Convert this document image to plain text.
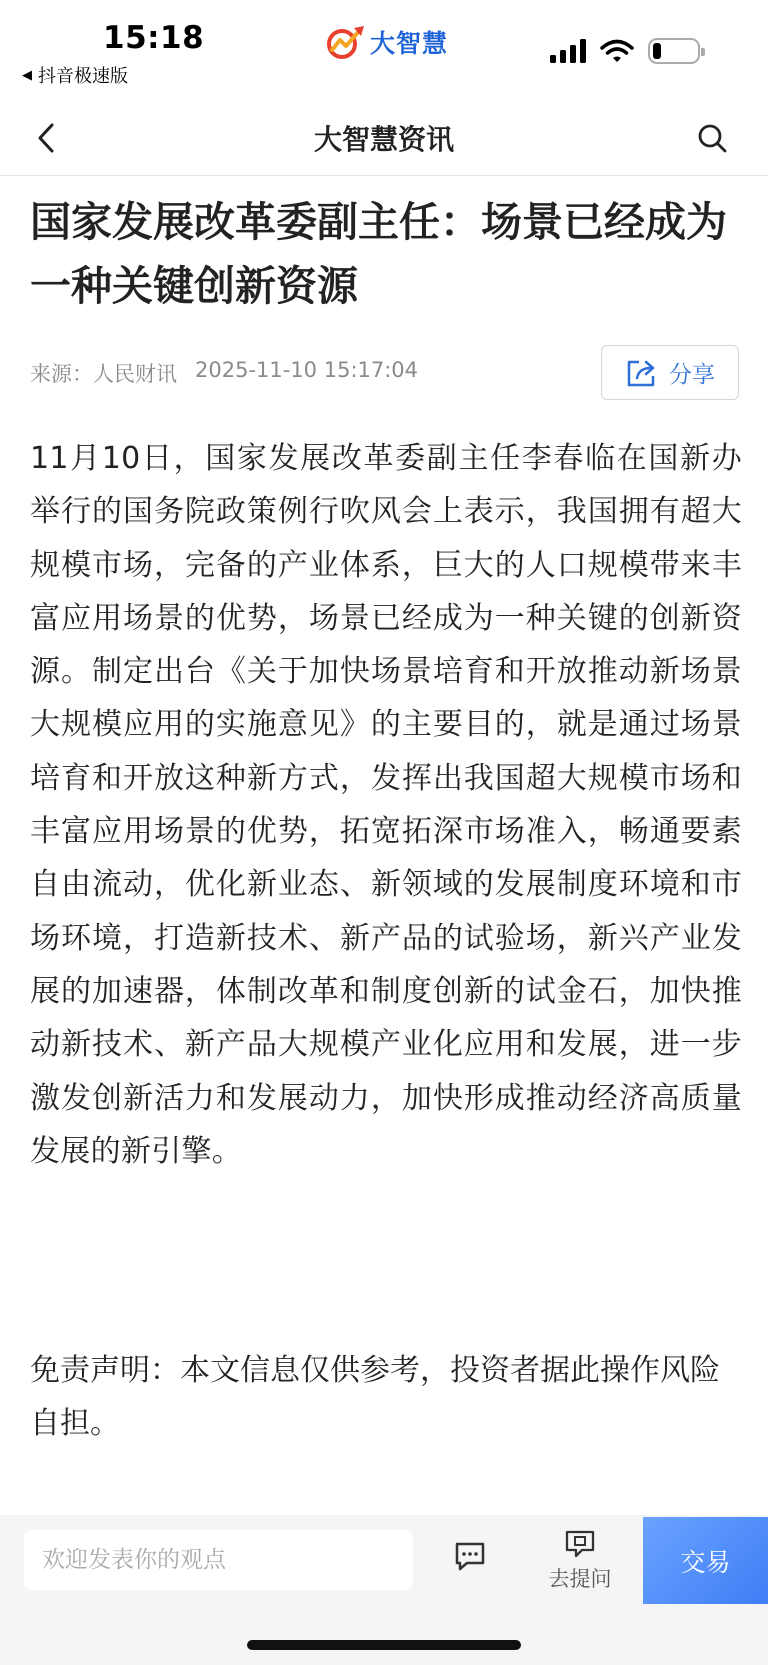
15:18
◀ 抖音极速版
大智慧
大智慧资讯
国家发展改革委副主任：场景已经成为一种关键创新资源
来源：人民财讯 2025-11-10 15:17:04	分享

11月10日，国家发展改革委副主任李春临在国新办举行的国务院政策例行吹风会上表示，我国拥有超大规模市场，完备的产业体系，巨大的人口规模带来丰富应用场景的优势，场景已经成为一种关键的创新资源。制定出台《关于加快场景培育和开放推动新场景大规模应用的实施意见》的主要目的，就是通过场景培育和开放这种新方式，发挥出我国超大规模市场和丰富应用场景的优势，拓宽拓深市场准入，畅通要素自由流动，优化新业态、新领域的发展制度环境和市场环境，打造新技术、新产品的试验场，新兴产业发展的加速器，体制改革和制度创新的试金石，加快推动新技术、新产品大规模产业化应用和发展，进一步激发创新活力和发展动力，加快形成推动经济高质量发展的新引擎。

免责声明：本文信息仅供参考，投资者据此操作风险自担。

欢迎发表你的观点
去提问
交易
